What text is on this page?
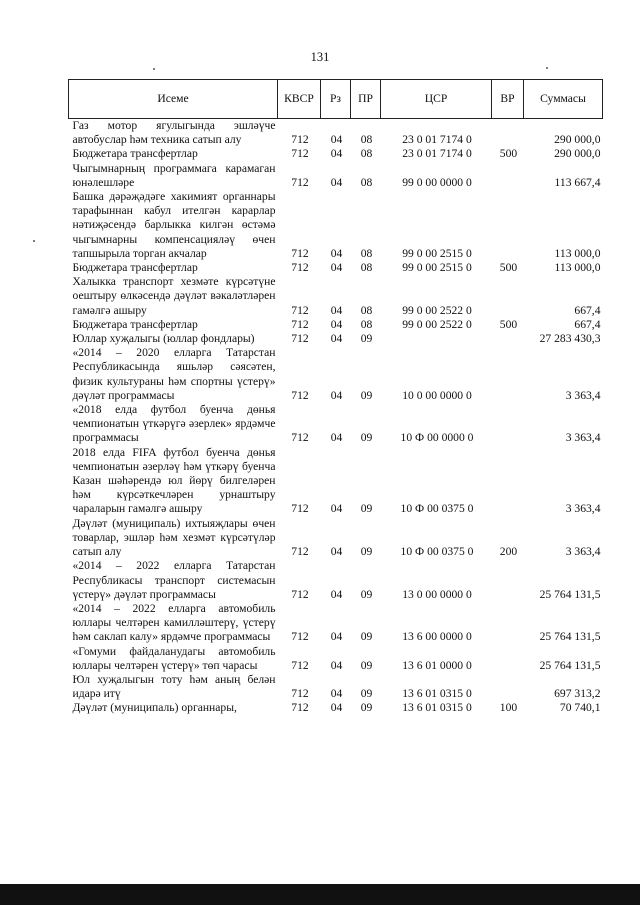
131
Исеме	КВСР	Рз	ПР	ЦСР	ВР	Суммасы
Газ мотор ягулыгында эшләүче автобуслар һәм техника сатып алу	712	04	08	23 0 01 7174 0		290 000,0
Бюджетара трансфертлар	712	04	08	23 0 01 7174 0	500	290 000,0
Чыгымнарның программага карамаган юнәлешләре	712	04	08	99 0 00 0000 0		113 667,4
Башка дәрәҗәдәге хакимият органнары тарафыннан кабул ителгән карарлар нәтиҗәсендә барлыкка килгән өстәмә чыгымнарны компенсацияләү өчен тапшырыла торган акчалар	712	04	08	99 0 00 2515 0		113 000,0
Бюджетара трансфертлар	712	04	08	99 0 00 2515 0	500	113 000,0
Халыкка транспорт хезмәте күрсәтүне оештыру өлкәсендә дәүләт вәкаләтләрен гамәлгә ашыру	712	04	08	99 0 00 2522 0		667,4
Бюджетара трансфертлар	712	04	08	99 0 00 2522 0	500	667,4
Юллар хуҗалыгы (юллар фондлары)	712	04	09			27 283 430,3
«2014 – 2020 елларга Татарстан Республикасында яшьләр сәясәтен, физик культураны һәм спортны үстерү» дәүләт программасы	712	04	09	10 0 00 0000 0		3 363,4
«2018 елда футбол буенча дөнья чемпионатын үткәрүгә әзерлек» ярдәмче программасы	712	04	09	10 Ф 00 0000 0		3 363,4
2018 елда FIFA футбол буенча дөнья чемпионатын әзерләү һәм үткәрү буенча Казан шәһәрендә юл йөрү билгеләрен һәм күрсәткечләрен урнаштыру чараларын гамәлгә ашыру	712	04	09	10 Ф 00 0375 0		3 363,4
Дәүләт (муниципаль) ихтыяҗлары өчен товарлар, эшләр һәм хезмәт күрсәтүләр сатып алу	712	04	09	10 Ф 00 0375 0	200	3 363,4
«2014 – 2022 елларга Татарстан Республикасы транспорт системасын үстерү» дәүләт программасы	712	04	09	13 0 00 0000 0		25 764 131,5
«2014 – 2022 елларга автомобиль юллары челтәрен камилләштерү, үстерү һәм саклап калу» ярдәмче программасы	712	04	09	13 6 00 0000 0		25 764 131,5
«Гомуми файдаланудагы автомобиль юллары челтәрен үстерү» төп чарасы	712	04	09	13 6 01 0000 0		25 764 131,5
Юл хуҗалыгын тоту һәм аның белән идарә итү	712	04	09	13 6 01 0315 0		697 313,2
Дәүләт (муниципаль) органнары,	712	04	09	13 6 01 0315 0	100	70 740,1
